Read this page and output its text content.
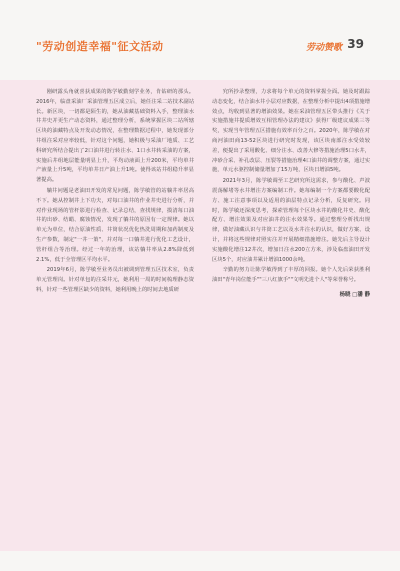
"劳动创造幸福"征文活动	劳动赞歌 39

刚研露头角就喜获成果的陈学敏勤刻学业务，肯钻研的那头。2016年，临盘采油厂采油管理五区成立后，她任注采二站技术副站长。新区块，一切都是陌生的，她从油藏基础资料入手，整理油水井井史并更生产动态资料，通过整理分析，系统掌握区块二站所辖区块的油藏特点及开发动态情况，在整理数据过程中，她发现部分井组注采对应率较低，针对这个问题，她积极与采油厂地质、工艺科研究所结合提出了2口油井进行转注水、1口水井转采油的方案，实施后井组地层能量明显上升，平均动液面上升200米，平均单井产液量上升5吨，平均单井日产油上升1吨。使得该站井组稳升率显著提高。

躺井问题是老油田开发的常见问题，陈学敏管的站躺井率居高不下。她从控制井上下功夫，对每口油井的作业井史进行分析，并对作业现场的管杆影进行检查、记录总结，查找规律，摸清每口油井的出砂、结蜡、腐蚀情况，发现了躺井的原因有一定规律。她以单元为单位，结合原油性质、井筒状况优化热洗周期和加药制度及生产参数，制定"一井一策"，并对每一口躺井进行优化工艺设计，管杆组合等治理。经过一年的治理，该站躺井率从2.8%降低到2.1%，低于全管理区平均水平。

2019年6月，陈学敏至业务员出被调到管理五区技术室，负责单元管理岗。针对单包的注采井元，她利用一周的时间梳理静态资料，针对一些管理区缺少的资料，她利用晚上的时间去地质研

究所抄录整理，力求将每个单元的资料掌握全面。她及时跟踪动态变化，结合油水井小层对应数据，在整理分析中提出4项措施增效点，均收到显著的增油效果。她在采油管理五区带头推行《关于实施措施井提质增效互相管理办法的建议》获得厂级建议成果三等奖，实现当年管理五区措施有效率百分之百。2020年，陈学敏在对商河油田商13-52区块进行研究时发现，该区块南部注水受效较差，便提出了采用酸化、细分注水、改善大修等措施治理5口水井，冲砂合采、补孔改层、压裂等措施治理4口油井的调整方案，通过实施，单元水驱控制储量增加了15万吨，区块日增油5吨。

2021年3月，陈学敏调至工艺研究所这需求，参与酸化、声波震荡解堵等水井增注方案编制工作。她每编制一个方案都要酸化配方、施工注意事项以及适用的油层特点记录分析，反复研究。同时，陈学敏还深度思考，探索管理每个区块水井的酸化井史、酸化配方、增注效果及对应油井的注水效果等。通过整理分析找出规律，做好油藏认识与井筒工艺以及水井注水的认识，做好方案、设计，并将这些规律对照实注并开展精细措施增注。她先后主导设计实施酸化增注12井次，增加日注水200立方米，涉及临盘油田开发区块5个，对应油井累计增油1000余吨。

辛勤的努力让陈学敏得到了丰厚的回报。她个人先后荣获胜利油田"青年岗位能手""三八红旗手""文明先进个人"等荣誉称号。

杨晓 □潘 静
